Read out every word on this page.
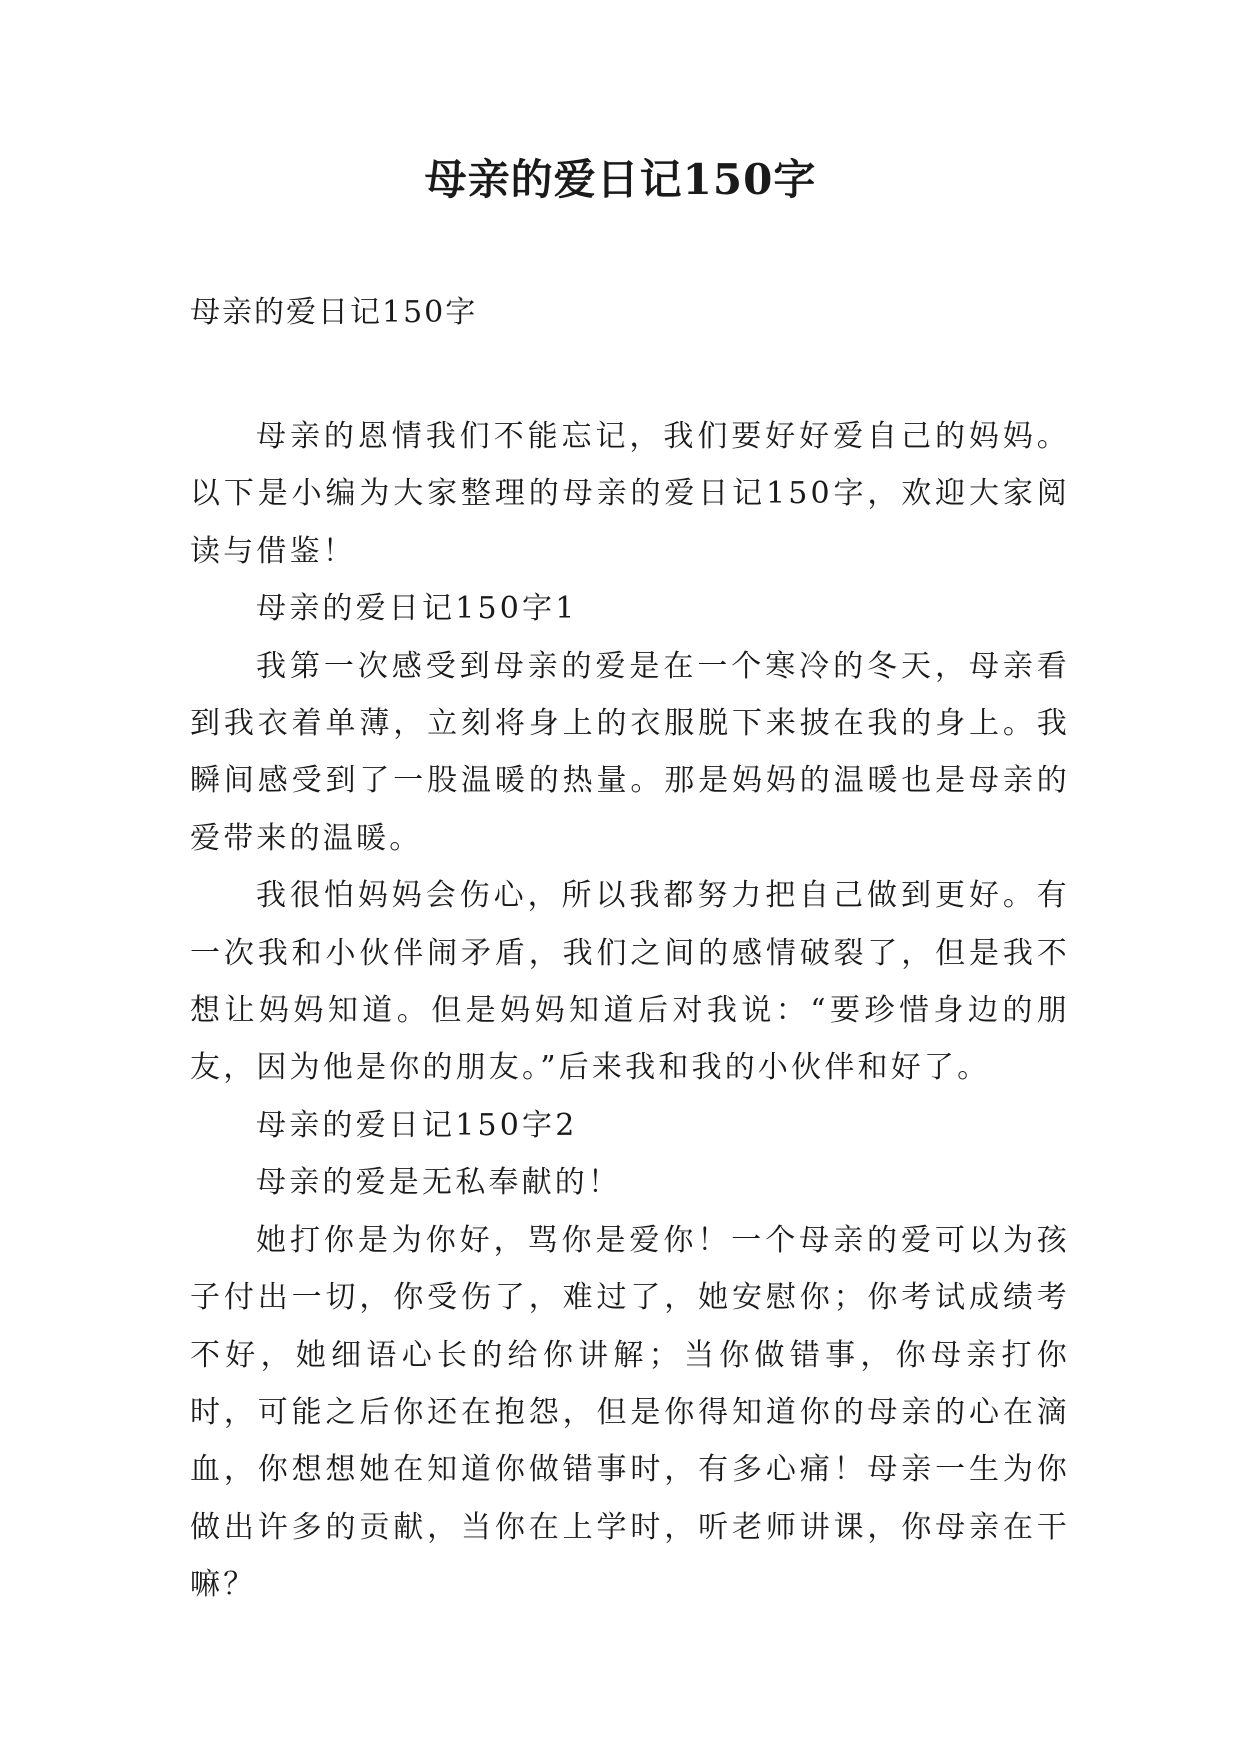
母亲的爱日记150字

母亲的爱日记150字

母亲的恩情我们不能忘记，我们要好好爱自己的妈妈。以下是小编为大家整理的母亲的爱日记150字，欢迎大家阅读与借鉴！

母亲的爱日记150字1

我第一次感受到母亲的爱是在一个寒冷的冬天，母亲看到我衣着单薄，立刻将身上的衣服脱下来披在我的身上。我瞬间感受到了一股温暖的热量。那是妈妈的温暖也是母亲的爱带来的温暖。

我很怕妈妈会伤心，所以我都努力把自己做到更好。有一次我和小伙伴闹矛盾，我们之间的感情破裂了，但是我不想让妈妈知道。但是妈妈知道后对我说：“要珍惜身边的朋友，因为他是你的朋友。”后来我和我的小伙伴和好了。

母亲的爱日记150字2

母亲的爱是无私奉献的！

她打你是为你好，骂你是爱你！一个母亲的爱可以为孩子付出一切，你受伤了，难过了，她安慰你；你考试成绩考不好，她细语心长的给你讲解；当你做错事，你母亲打你时，可能之后你还在抱怨，但是你得知道你的母亲的心在滴血，你想想她在知道你做错事时，有多心痛！母亲一生为你做出许多的贡献，当你在上学时，听老师讲课，你母亲在干嘛？
